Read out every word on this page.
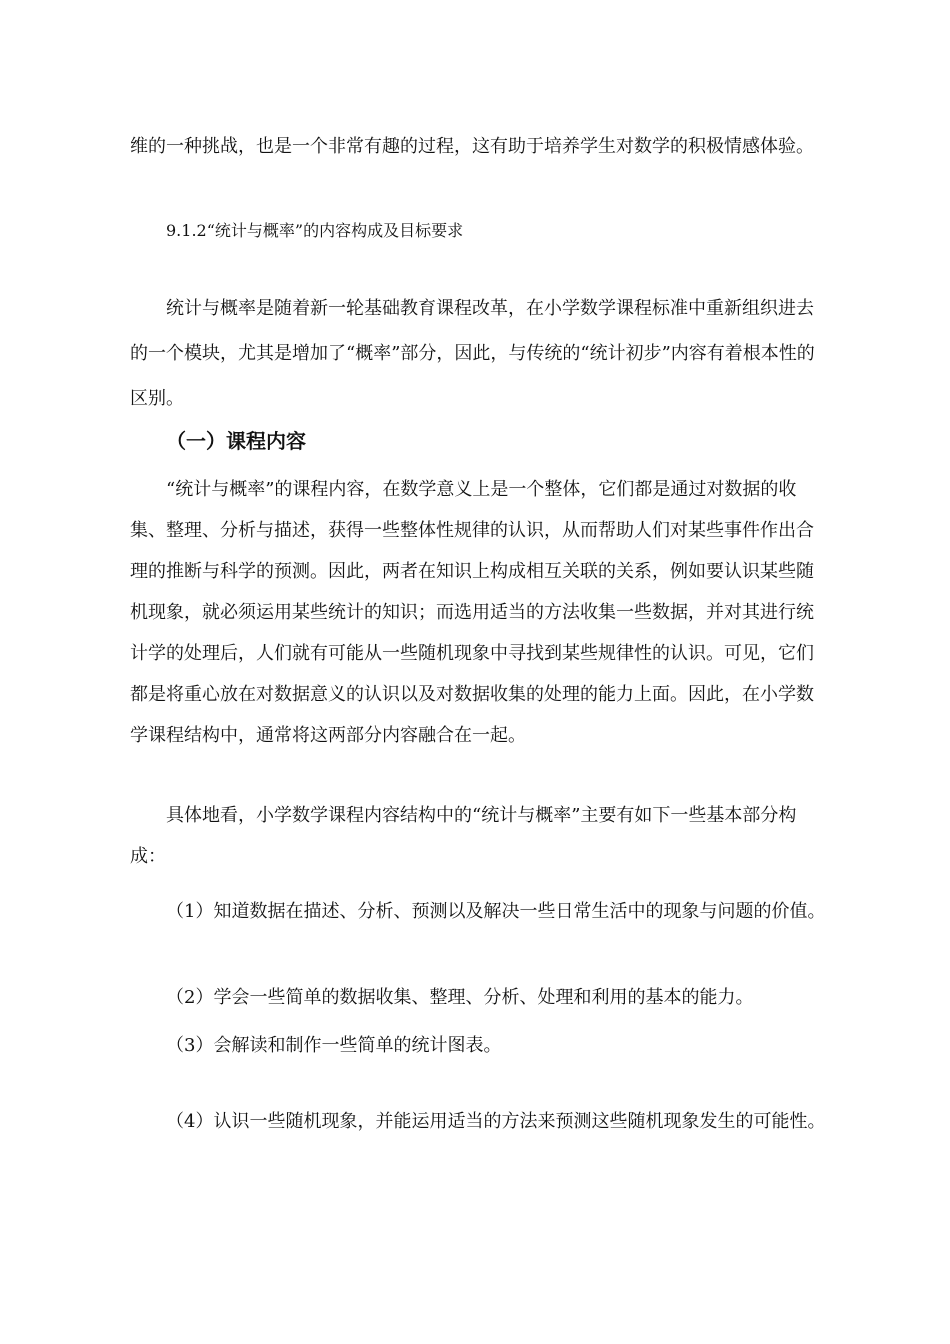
维的一种挑战，也是一个非常有趣的过程，这有助于培养学生对数学的积极情感体验。

9.1.2“统计与概率”的内容构成及目标要求

统计与概率是随着新一轮基础教育课程改革，在小学数学课程标准中重新组织进去的一个模块，尤其是增加了“概率”部分，因此，与传统的“统计初步”内容有着根本性的区别。

（一）课程内容

“统计与概率”的课程内容，在数学意义上是一个整体，它们都是通过对数据的收集、整理、分析与描述，获得一些整体性规律的认识，从而帮助人们对某些事件作出合理的推断与科学的预测。因此，两者在知识上构成相互关联的关系，例如要认识某些随机现象，就必须运用某些统计的知识；而选用适当的方法收集一些数据，并对其进行统计学的处理后，人们就有可能从一些随机现象中寻找到某些规律性的认识。可见，它们都是将重心放在对数据意义的认识以及对数据收集的处理的能力上面。因此，在小学数学课程结构中，通常将这两部分内容融合在一起。

具体地看，小学数学课程内容结构中的“统计与概率”主要有如下一些基本部分构成：

（1）知道数据在描述、分析、预测以及解决一些日常生活中的现象与问题的价值。

（2）学会一些简单的数据收集、整理、分析、处理和利用的基本的能力。

（3）会解读和制作一些简单的统计图表。

（4）认识一些随机现象，并能运用适当的方法来预测这些随机现象发生的可能性。
